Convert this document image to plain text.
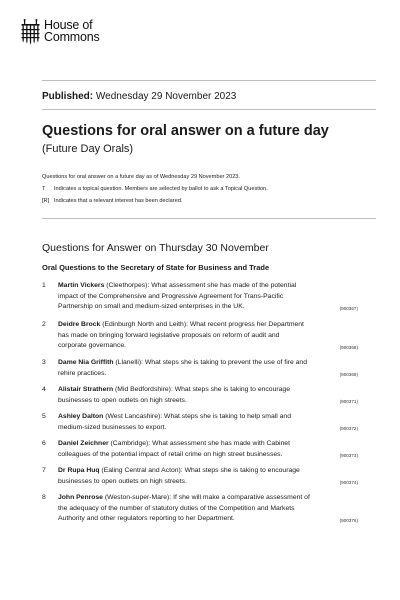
House of
Commons
Published: Wednesday 29 November 2023
Questions for oral answer on a future day
(Future Day Orals)
Questions for oral answer on a future day as of Wednesday 29 November 2023.
T	Indicates a topical question. Members are selected by ballot to ask a Topical Question.
[R] Indicates that a relevant interest has been declared.
Questions for Answer on Thursday 30 November
Oral Questions to the Secretary of State for Business and Trade
1 Martin Vickers (Cleethorpes): What assessment she has made of the potential
impact of the Comprehensive and Progressive Agreement for Trans-Pacific
Partnership on small and medium-sized enterprises in the UK.	(900367)
2 Deidre Brock (Edinburgh North and Leith): What recent progress her Department
has made on bringing forward legislative proposals on reform of audit and
corporate governance.	(900368)
3 Dame Nia Griffith (Llanelli): What steps she is taking to prevent the use of fire and
rehire practices.	(900369)
4 Alistair Strathern (Mid Bedfordshire): What steps she is taking to encourage
businesses to open outlets on high streets.	(900371)
5 Ashley Dalton (West Lancashire): What steps she is taking to help small and
medium-sized businesses to export.	(900372)
6 Daniel Zeichner (Cambridge): What assessment she has made with Cabinet
colleagues of the potential impact of retail crime on high street businesses.	(900373)
7 Dr Rupa Huq (Ealing Central and Acton): What steps she is taking to encourage
businesses to open outlets on high streets.	(900374)
8 John Penrose (Weston-super-Mare): If she will make a comparative assessment of
the adequacy of the number of statutory duties of the Competition and Markets
Authority and other regulators reporting to her Department.	(900376)
